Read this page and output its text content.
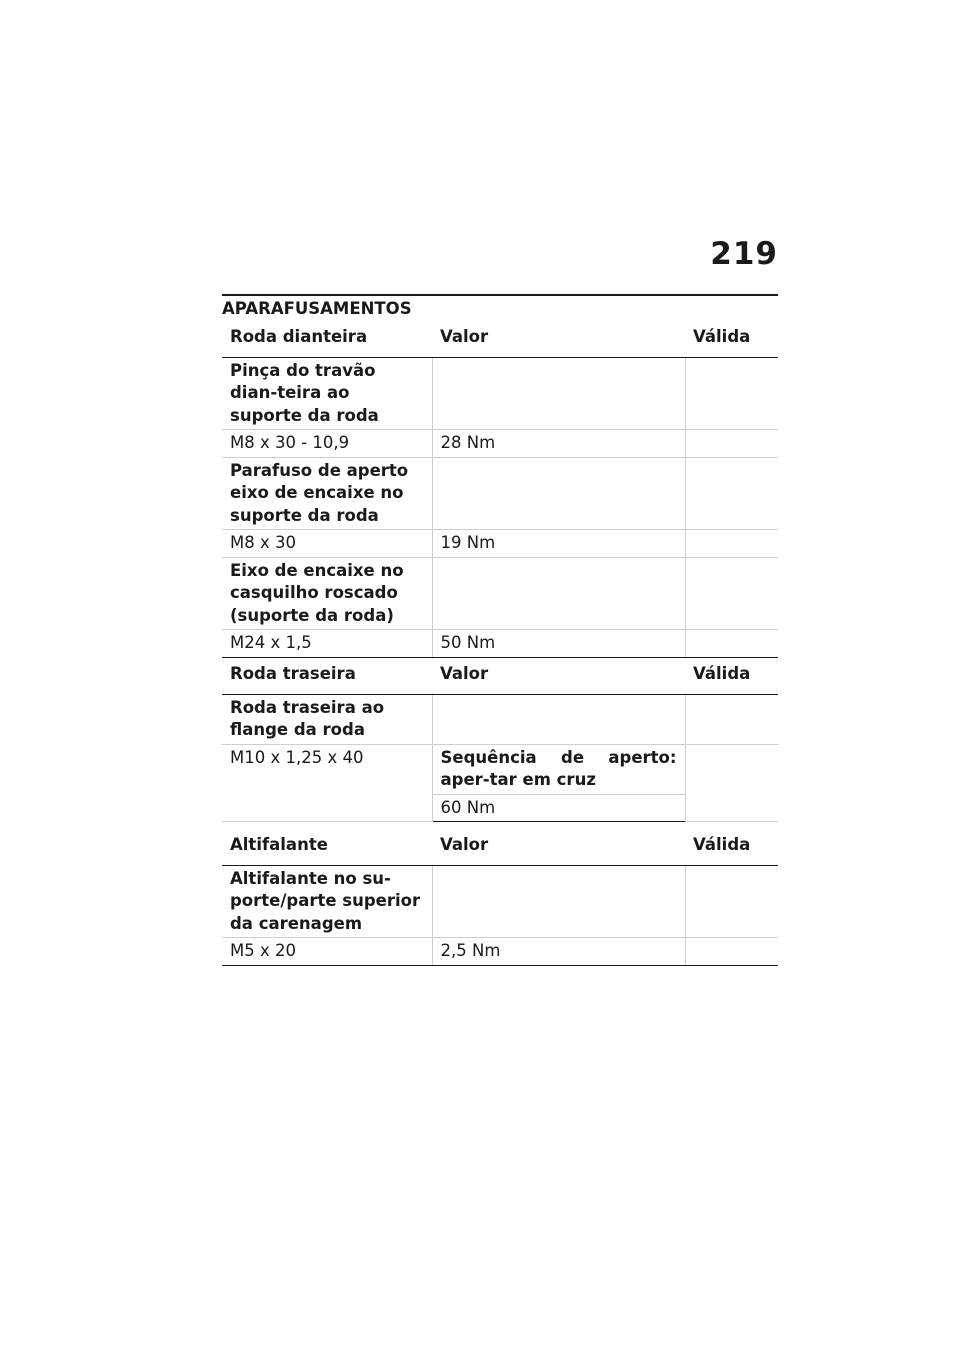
219
APARAFUSAMENTOS
Roda dianteira	Valor	Válida
Pinça do travão dian-teira ao suporte da roda		
M8 x 30 - 10,9	28 Nm	
Parafuso de aperto eixo de encaixe no suporte da roda		
M8 x 30	19 Nm	
Eixo de encaixe no casquilho roscado (suporte da roda)		
M24 x 1,5	50 Nm	
Roda traseira	Valor	Válida
Roda traseira ao flange da roda		
M10 x 1,25 x 40	Sequência de aperto: aper-tar em cruz	
	60 Nm	
Altifalante	Valor	Válida
Altifalante no su-porte/parte superior da carenagem		
M5 x 20	2,5 Nm	
